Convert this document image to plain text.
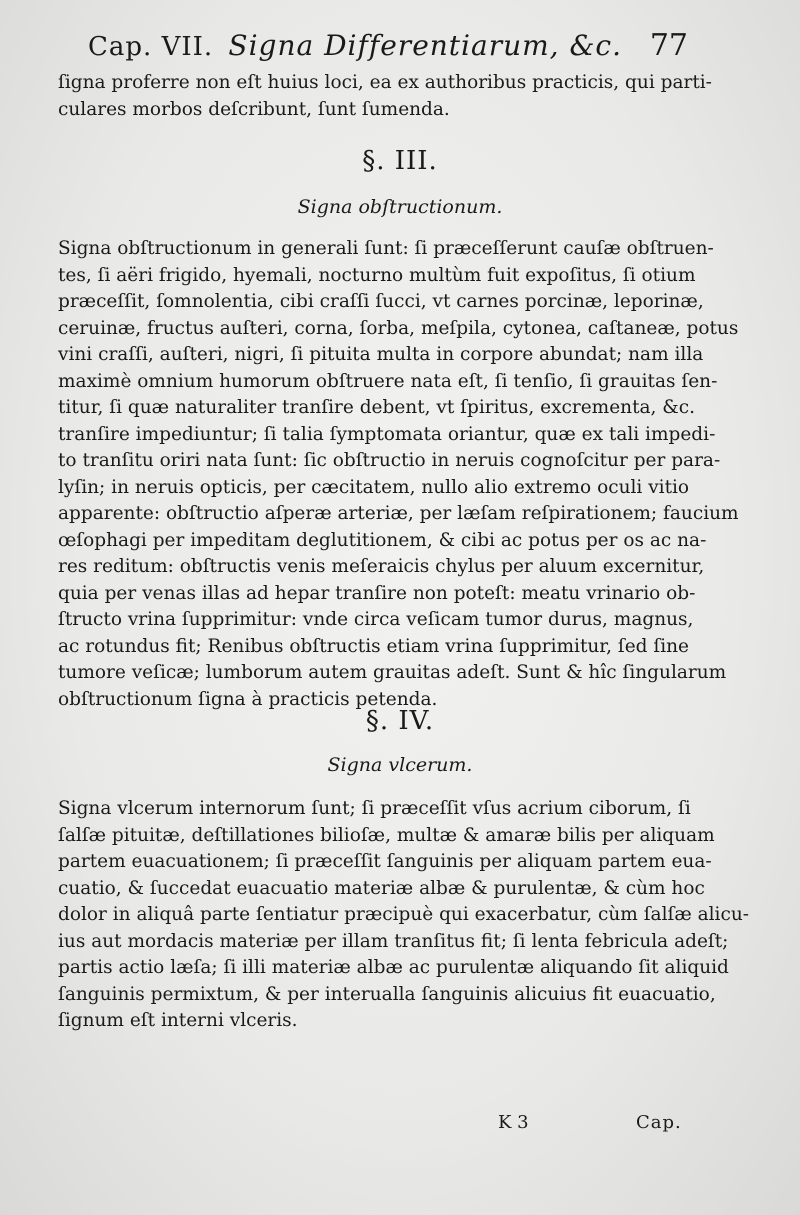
Cap. VII. Signa Differentiarum, &c. 77
ſigna proferre non eſt huius loci, ea ex authoribus practicis, qui parti-
culares morbos deſcribunt, ſunt ſumenda.
§. III.
Signa obſtructionum.
Signa obſtructionum in generali ſunt: ſi præceſſerunt cauſæ obſtruen-
tes, ſi aëri frigido, hyemali, nocturno multùm fuit expoſitus, ſi otium
præceſſit, ſomnolentia, cibi craſſi ſucci, vt carnes porcinæ, leporinæ,
ceruinæ, fructus auſteri, corna, ſorba, meſpila, cytonea, caſtaneæ, potus
vini craſſi, auſteri, nigri, ſi pituita multa in corpore abundat; nam illa
maximè omnium humorum obſtruere nata eſt, ſi tenſio, ſi grauitas ſen-
titur, ſi quæ naturaliter tranſire debent, vt ſpiritus, excrementa, &c.
tranſire impediuntur; ſi talia ſymptomata oriantur, quæ ex tali impedi-
to tranſitu oriri nata ſunt: ſic obſtructio in neruis cognoſcitur per para-
lyſin; in neruis opticis, per cæcitatem, nullo alio extremo oculi vitio
apparente: obſtructio aſperæ arteriæ, per læſam reſpirationem; faucium
œſophagi per impeditam deglutitionem, & cibi ac potus per os ac na-
res reditum: obſtructis venis meſeraicis chylus per aluum excernitur,
quia per venas illas ad hepar tranſire non poteſt: meatu vrinario ob-
ſtructo vrina ſupprimitur: vnde circa veſicam tumor durus, magnus,
ac rotundus fit; Renibus obſtructis etiam vrina ſupprimitur, ſed ſine
tumore veſicæ; lumborum autem grauitas adeſt. Sunt & hîc ſingularum
obſtructionum ſigna à practicis petenda.
§. IV.
Signa vlcerum.
Signa vlcerum internorum ſunt; ſi præceſſit vſus acrium ciborum, ſi
ſalſæ pituitæ, deſtillationes bilioſæ, multæ & amaræ bilis per aliquam
partem euacuationem; ſi præceſſit ſanguinis per aliquam partem eua-
cuatio, & ſuccedat euacuatio materiæ albæ & purulentæ, & cùm hoc
dolor in aliquâ parte ſentiatur præcipuè qui exacerbatur, cùm ſalſæ alicu-
ius aut mordacis materiæ per illam tranſitus fit; ſi lenta febricula adeſt;
partis actio læſa; ſi illi materiæ albæ ac purulentæ aliquando ſit aliquid
ſanguinis permixtum, & per interualla ſanguinis alicuius fit euacuatio,
ſignum eſt interni vlceris.
K 3	Cap.
